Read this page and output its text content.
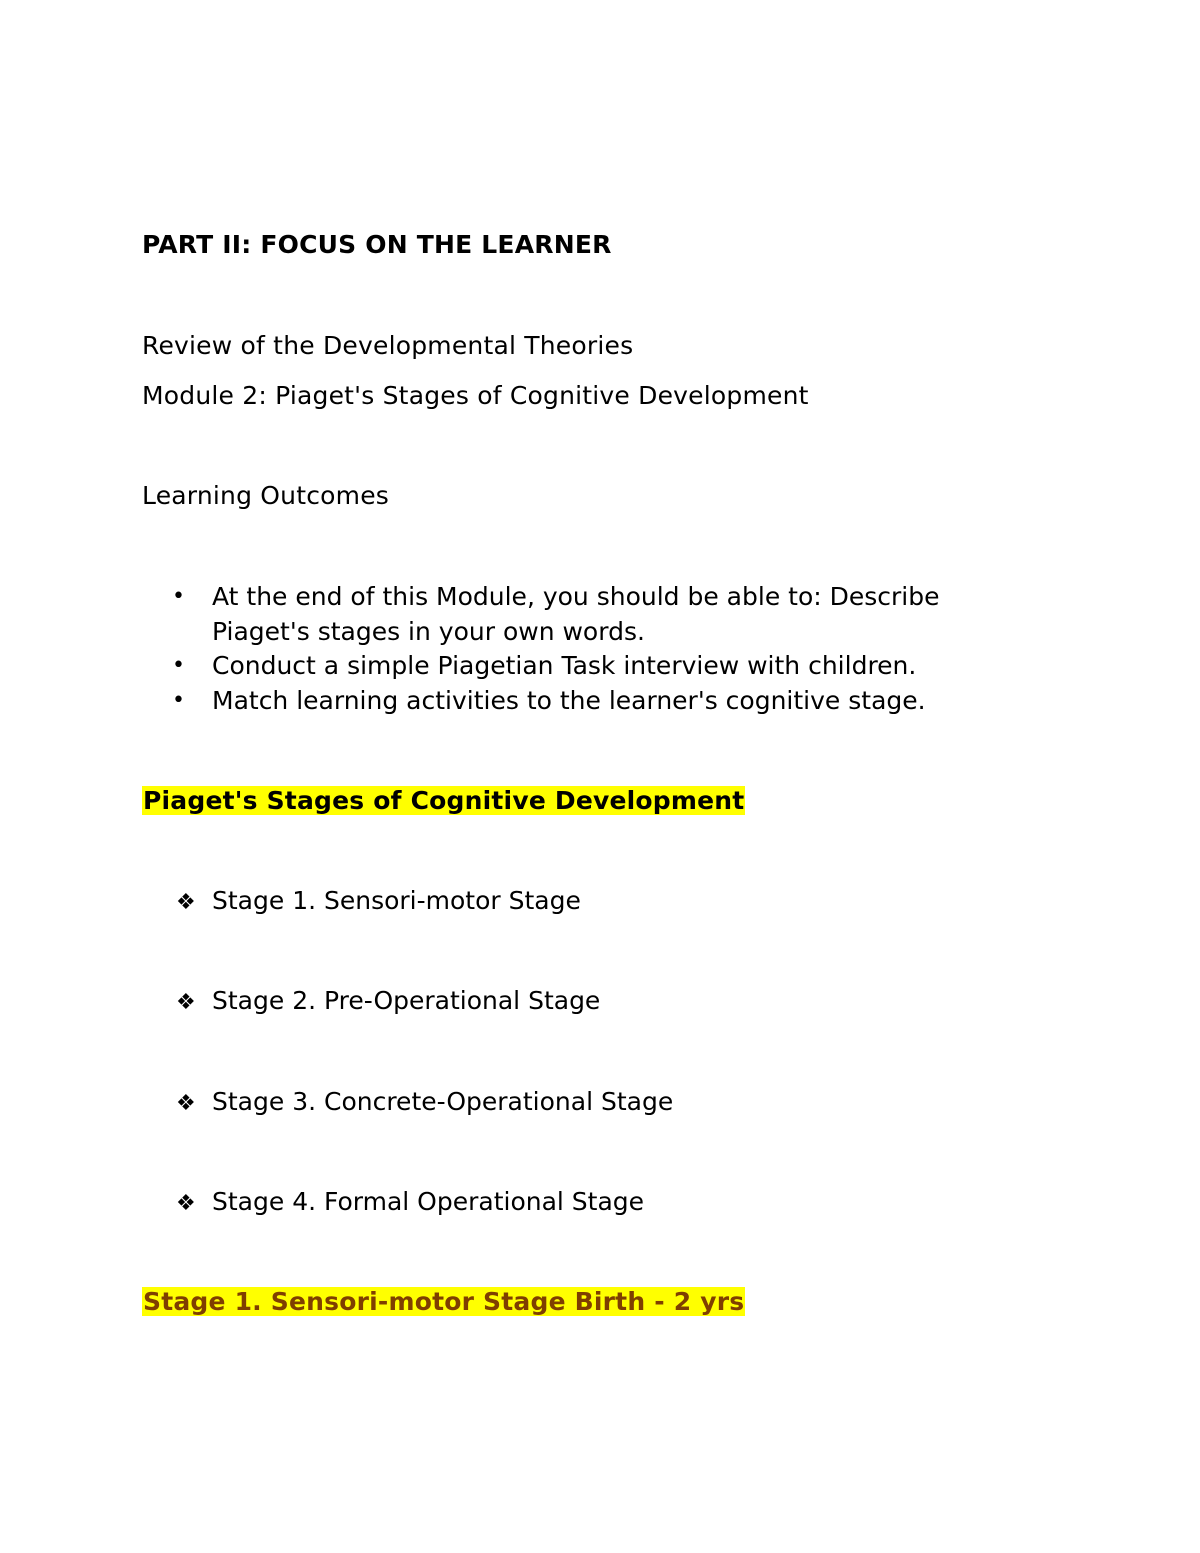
PART II: FOCUS ON THE LEARNER
Review of the Developmental Theories
Module 2: Piaget's Stages of Cognitive Development
Learning Outcomes
• At the end of this Module, you should be able to: Describe Piaget's stages in your own words.
• Conduct a simple Piagetian Task interview with children.
• Match learning activities to the learner's cognitive stage.
Piaget's Stages of Cognitive Development
❖ Stage 1. Sensori-motor Stage
❖ Stage 2. Pre-Operational Stage
❖ Stage 3. Concrete-Operational Stage
❖ Stage 4. Formal Operational Stage
Stage 1. Sensori-motor Stage Birth - 2 yrs
